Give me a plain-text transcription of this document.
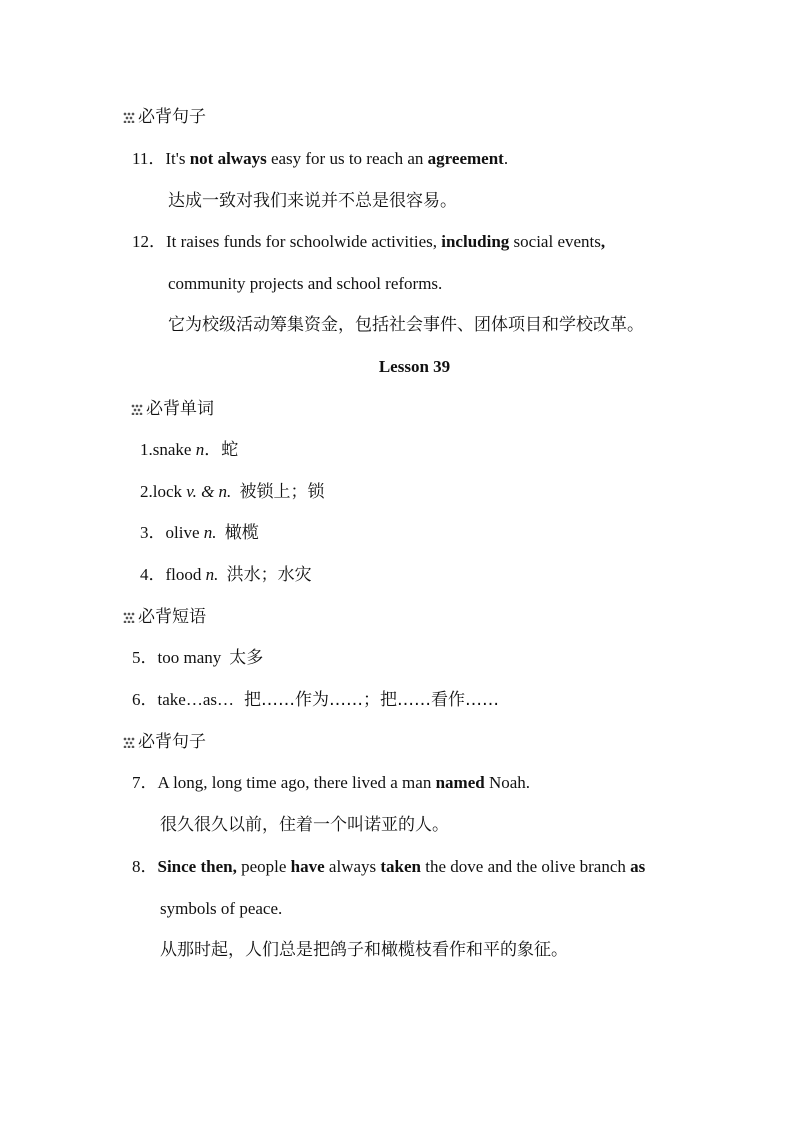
必背句子
11．It's not always easy for us to reach an agreement.
达成一致对我们来说并不总是很容易。
12．It raises funds for schoolwide activities, including social events,
community projects and school reforms.
它为校级活动筹集资金，包括社会事件、团体项目和学校改革。
Lesson 39
必背单词
1.snake n．蛇
2.lock v. & n. 被锁上；锁
3．olive n. 橄榄
4．flood n. 洪水；水灾
必背短语
5．too many 太多
6．take…as… 把……作为……；把……看作……
必背句子
7．A long, long time ago, there lived a man named Noah.
很久很久以前，住着一个叫诺亚的人。
8．Since then, people have always taken the dove and the olive branch as
symbols of peace.
从那时起，人们总是把鸽子和橄榄枝看作和平的象征。
